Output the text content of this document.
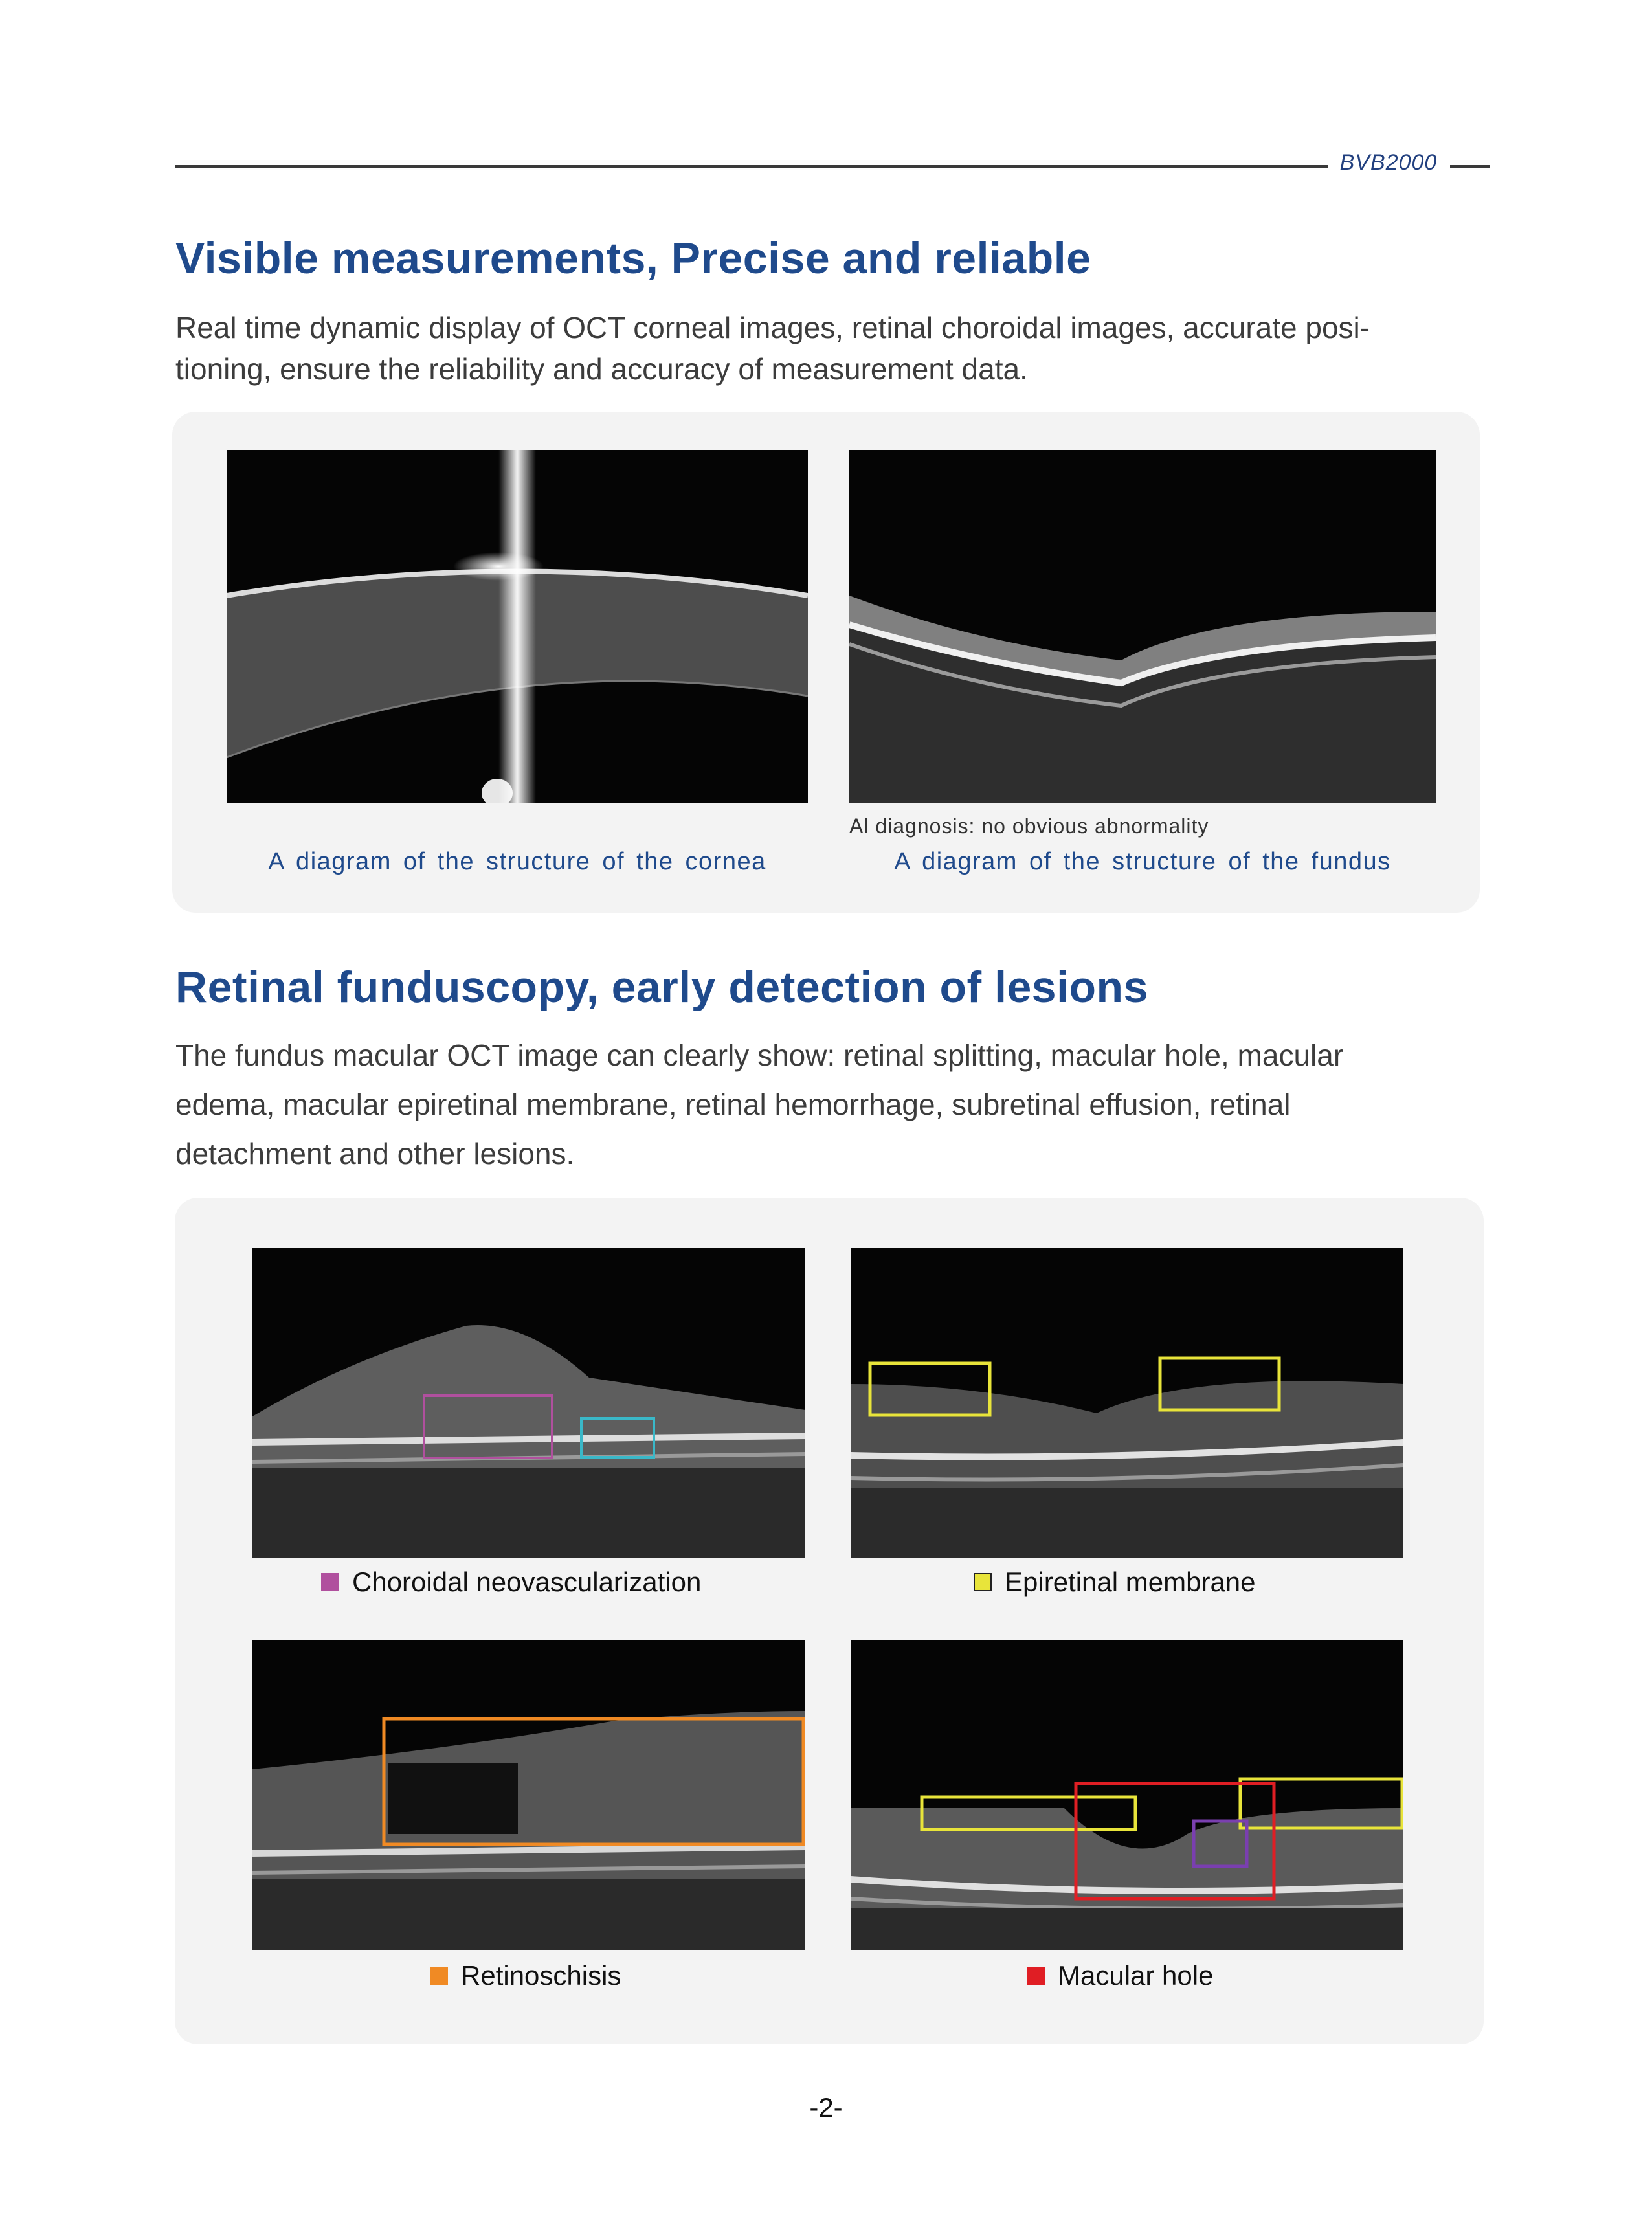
BVB2000
Visible measurements, Precise and reliable

Real time dynamic display of OCT corneal images, retinal choroidal images, accurate posi-

tioning, ensure the reliability and accuracy of measurement data.

Al diagnosis: no obvious abnormality
A diagram of the structure of the cornea	A diagram of the structure of the fundus
Retinal funduscopy, early detection of lesions

The fundus macular OCT image can clearly show: retinal splitting, macular hole, macular

edema, macular epiretinal membrane, retinal hemorrhage, subretinal effusion, retinal

detachment and other lesions.

Choroidal neovascularization	Epiretinal membrane
Retinoschisis	Macular hole
-2-
